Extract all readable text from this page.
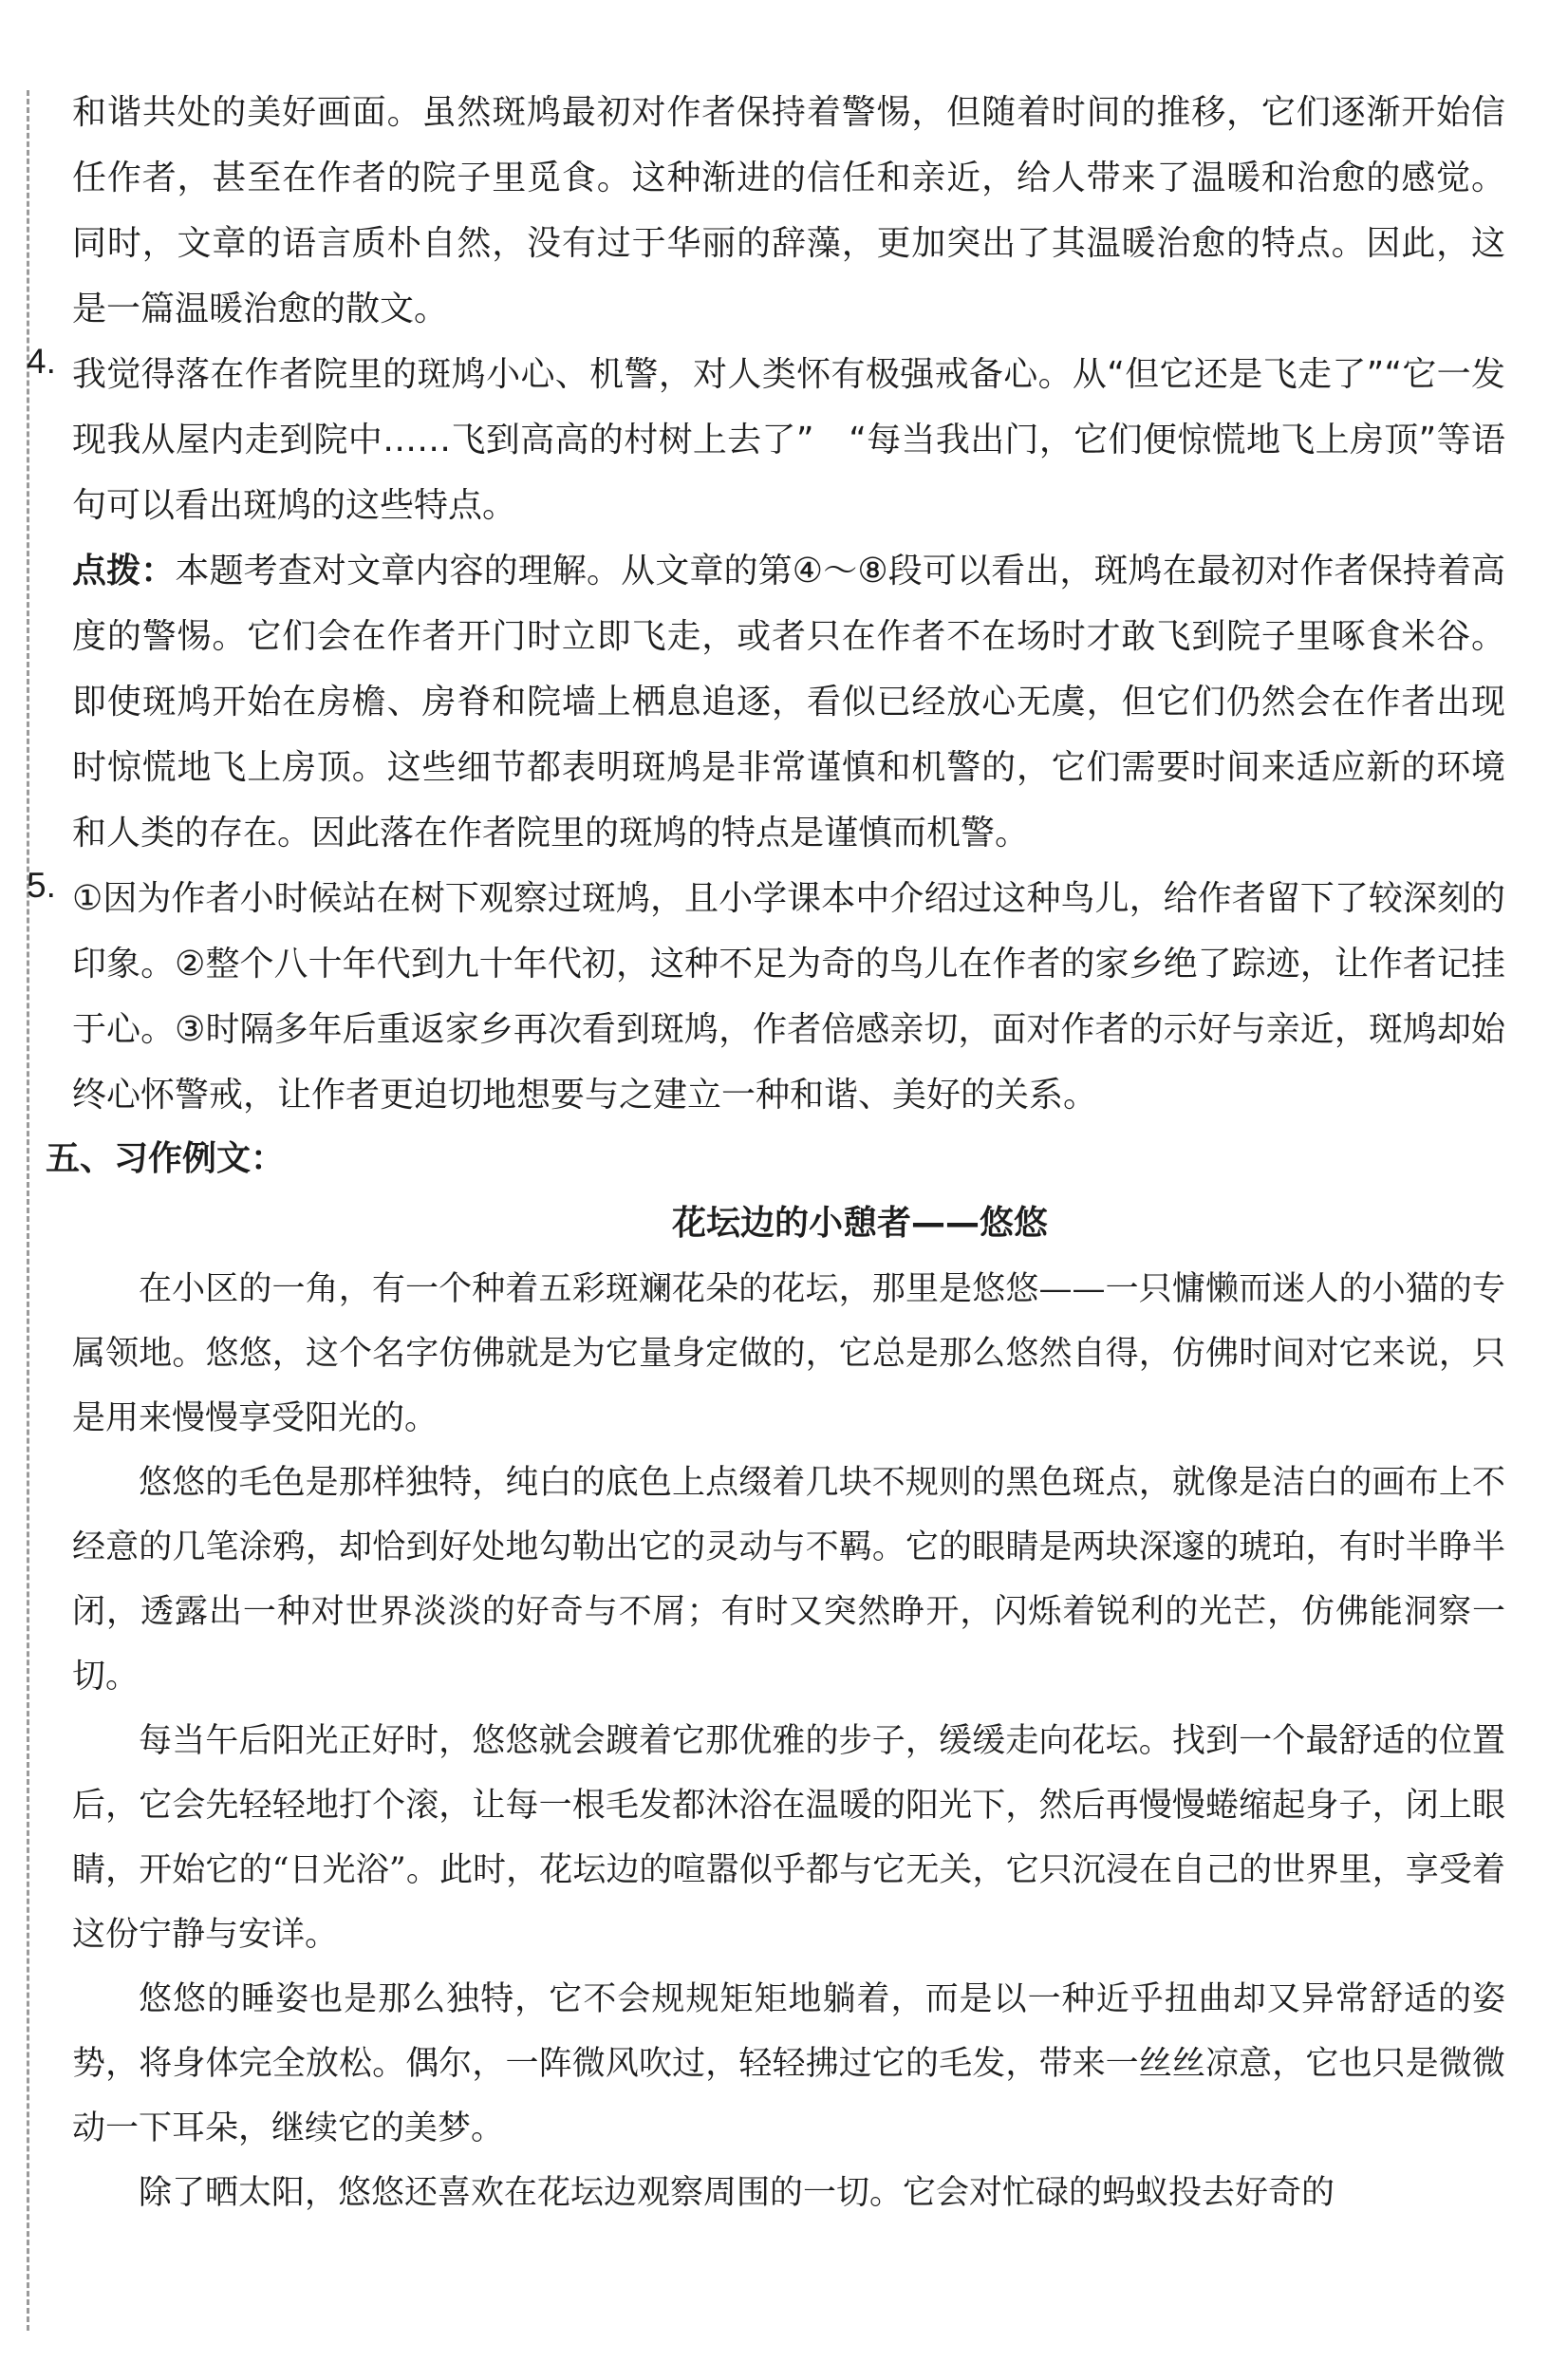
和谐共处的美好画面。虽然斑鸠最初对作者保持着警惕，但随着时间的推移，它们逐渐开始信任作者，甚至在作者的院子里觅食。这种渐进的信任和亲近，给人带来了温暖和治愈的感觉。同时，文章的语言质朴自然，没有过于华丽的辞藻，更加突出了其温暖治愈的特点。因此，这是一篇温暖治愈的散文。

4. 我觉得落在作者院里的斑鸠小心、机警，对人类怀有极强戒备心。从“但它还是飞走了”“它一发现我从屋内走到院中……飞到高高的村树上去了”　“每当我出门，它们便惊慌地飞上房顶”等语句可以看出斑鸠的这些特点。

点拨：本题考查对文章内容的理解。从文章的第④～⑧段可以看出，斑鸠在最初对作者保持着高度的警惕。它们会在作者开门时立即飞走，或者只在作者不在场时才敢飞到院子里啄食米谷。即使斑鸠开始在房檐、房脊和院墙上栖息追逐，看似已经放心无虞，但它们仍然会在作者出现时惊慌地飞上房顶。这些细节都表明斑鸠是非常谨慎和机警的，它们需要时间来适应新的环境和人类的存在。因此落在作者院里的斑鸠的特点是谨慎而机警。

5. ①因为作者小时候站在树下观察过斑鸠，且小学课本中介绍过这种鸟儿，给作者留下了较深刻的印象。②整个八十年代到九十年代初，这种不足为奇的鸟儿在作者的家乡绝了踪迹，让作者记挂于心。③时隔多年后重返家乡再次看到斑鸠，作者倍感亲切，面对作者的示好与亲近，斑鸠却始终心怀警戒，让作者更迫切地想要与之建立一种和谐、美好的关系。

五、习作例文：

花坛边的小憩者——悠悠

在小区的一角，有一个种着五彩斑斓花朵的花坛，那里是悠悠——一只慵懒而迷人的小猫的专属领地。悠悠，这个名字仿佛就是为它量身定做的，它总是那么悠然自得，仿佛时间对它来说，只是用来慢慢享受阳光的。

悠悠的毛色是那样独特，纯白的底色上点缀着几块不规则的黑色斑点，就像是洁白的画布上不经意的几笔涂鸦，却恰到好处地勾勒出它的灵动与不羁。它的眼睛是两块深邃的琥珀，有时半睁半闭，透露出一种对世界淡淡的好奇与不屑；有时又突然睁开，闪烁着锐利的光芒，仿佛能洞察一切。

每当午后阳光正好时，悠悠就会踱着它那优雅的步子，缓缓走向花坛。找到一个最舒适的位置后，它会先轻轻地打个滚，让每一根毛发都沐浴在温暖的阳光下，然后再慢慢蜷缩起身子，闭上眼睛，开始它的“日光浴”。此时，花坛边的喧嚣似乎都与它无关，它只沉浸在自己的世界里，享受着这份宁静与安详。

悠悠的睡姿也是那么独特，它不会规规矩矩地躺着，而是以一种近乎扭曲却又异常舒适的姿势，将身体完全放松。偶尔，一阵微风吹过，轻轻拂过它的毛发，带来一丝丝凉意，它也只是微微动一下耳朵，继续它的美梦。

除了晒太阳，悠悠还喜欢在花坛边观察周围的一切。它会对忙碌的蚂蚁投去好奇的
